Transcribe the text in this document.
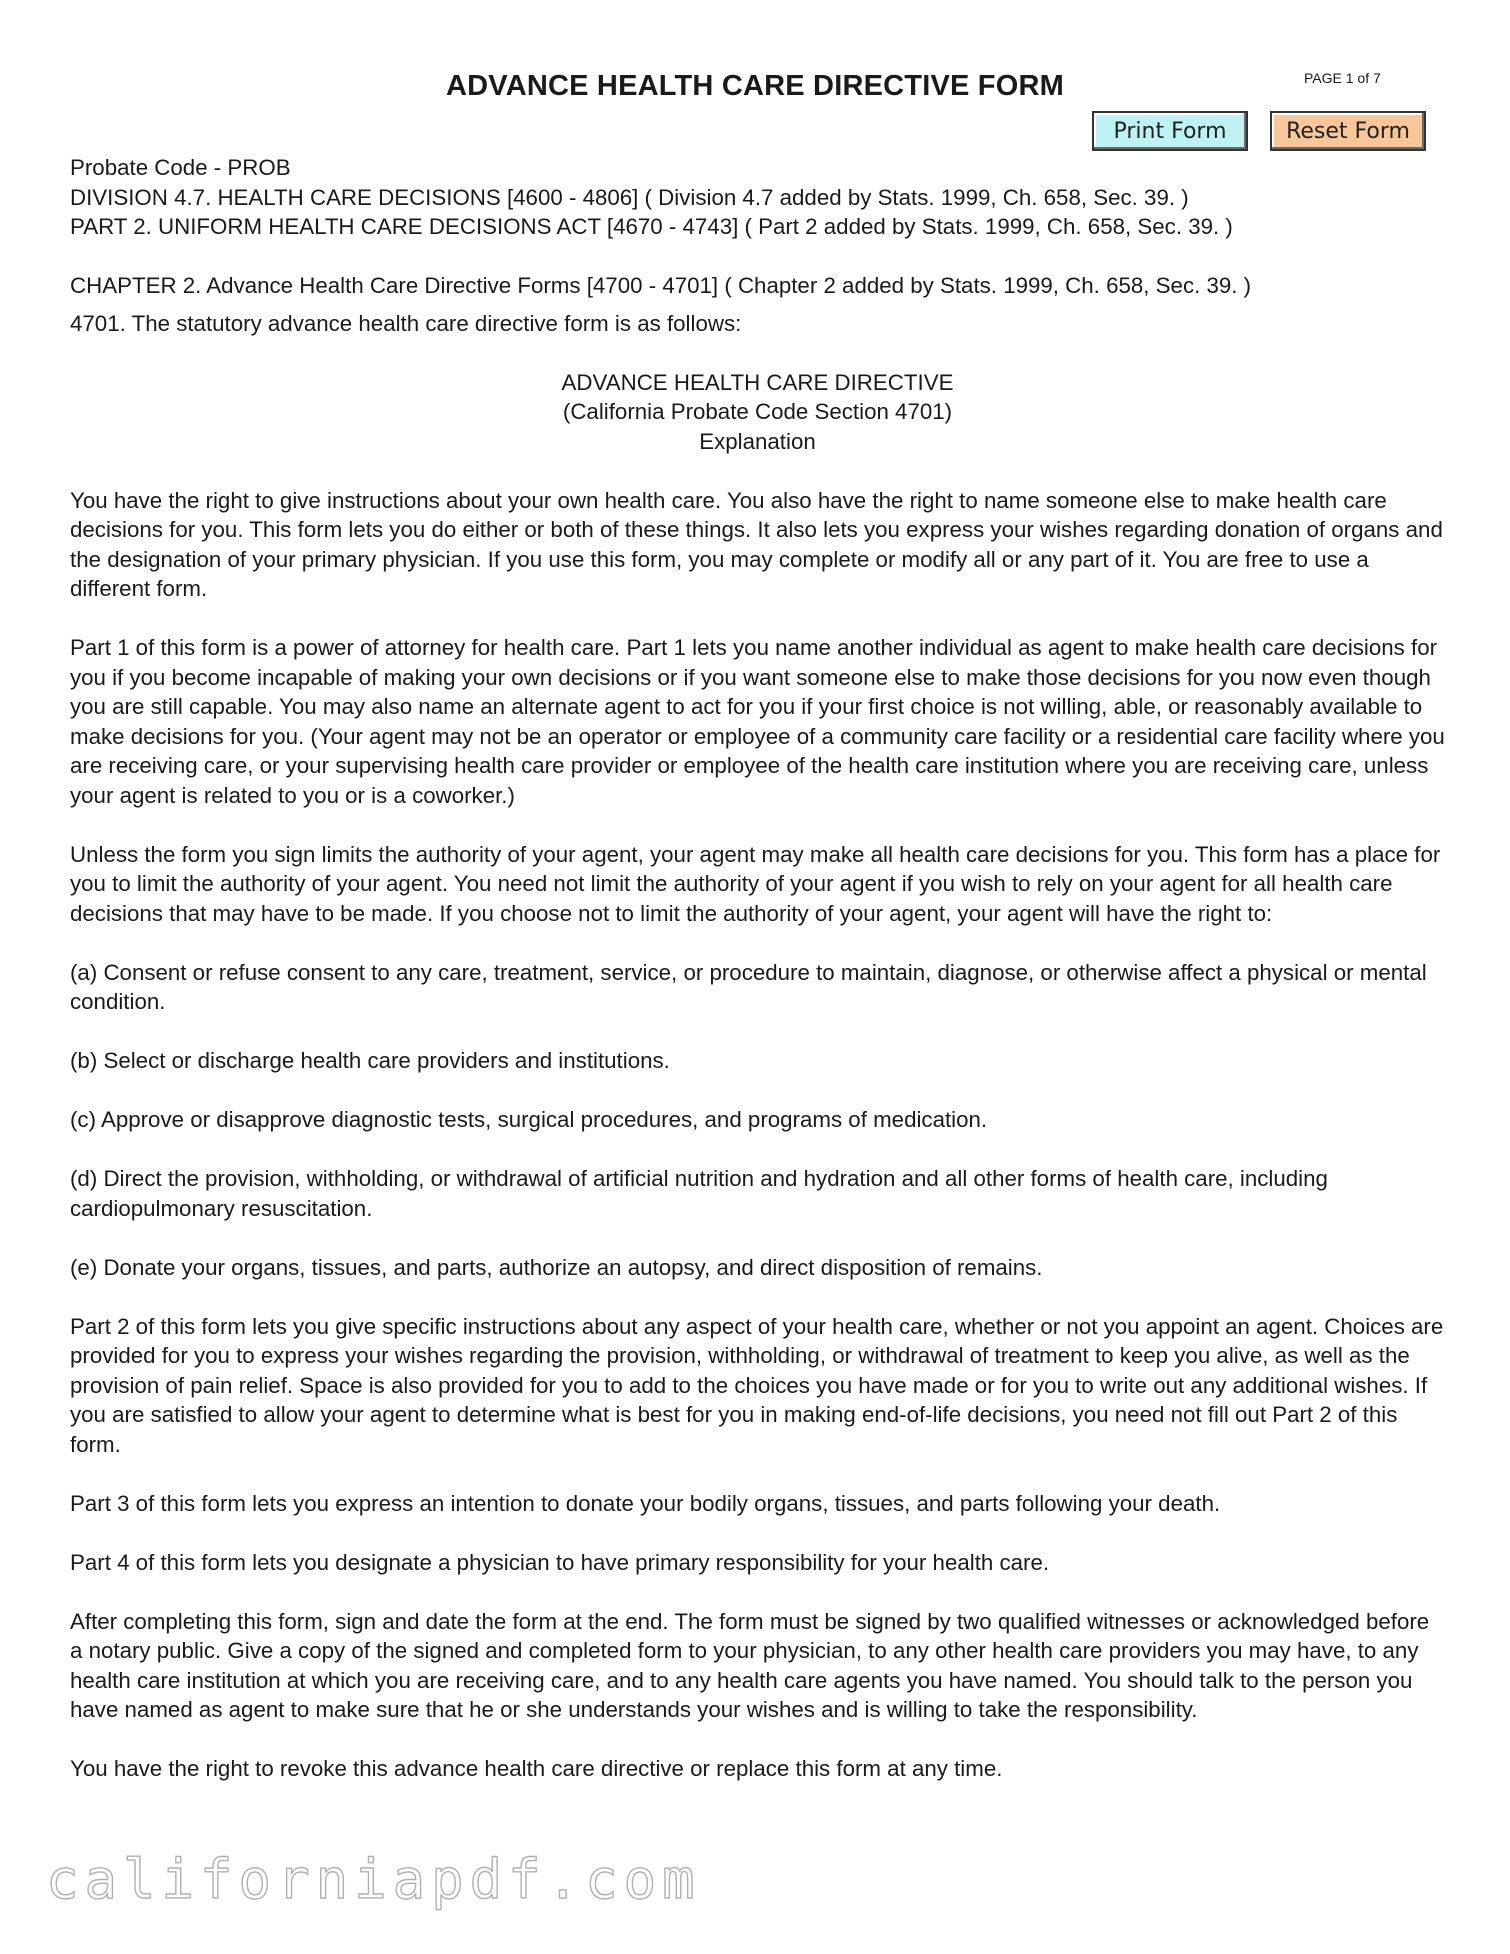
ADVANCE HEALTH CARE DIRECTIVE FORM	PAGE 1 of 7
Print Form	Reset Form

Probate Code - PROB

DIVISION 4.7. HEALTH CARE DECISIONS [4600 - 4806] ( Division 4.7 added by Stats. 1999, Ch. 658, Sec. 39. )

PART 2. UNIFORM HEALTH CARE DECISIONS ACT [4670 - 4743] ( Part 2 added by Stats. 1999, Ch. 658, Sec. 39. )

CHAPTER 2. Advance Health Care Directive Forms [4700 - 4701] ( Chapter 2 added by Stats. 1999, Ch. 658, Sec. 39. )

4701. The statutory advance health care directive form is as follows:

ADVANCE HEALTH CARE DIRECTIVE

(California Probate Code Section 4701)

Explanation

You have the right to give instructions about your own health care. You also have the right to name someone else to make health care decisions for you. This form lets you do either or both of these things. It also lets you express your wishes regarding donation of organs and the designation of your primary physician. If you use this form, you may complete or modify all or any part of it. You are free to use a different form.

Part 1 of this form is a power of attorney for health care. Part 1 lets you name another individual as agent to make health care decisions for you if you become incapable of making your own decisions or if you want someone else to make those decisions for you now even though you are still capable. You may also name an alternate agent to act for you if your first choice is not willing, able, or reasonably available to make decisions for you. (Your agent may not be an operator or employee of a community care facility or a residential care facility where you are receiving care, or your supervising health care provider or employee of the health care institution where you are receiving care, unless your agent is related to you or is a coworker.)

Unless the form you sign limits the authority of your agent, your agent may make all health care decisions for you. This form has a place for you to limit the authority of your agent. You need not limit the authority of your agent if you wish to rely on your agent for all health care decisions that may have to be made. If you choose not to limit the authority of your agent, your agent will have the right to:

(a) Consent or refuse consent to any care, treatment, service, or procedure to maintain, diagnose, or otherwise affect a physical or mental condition.

(b) Select or discharge health care providers and institutions.

(c) Approve or disapprove diagnostic tests, surgical procedures, and programs of medication.

(d) Direct the provision, withholding, or withdrawal of artificial nutrition and hydration and all other forms of health care, including cardiopulmonary resuscitation.

(e) Donate your organs, tissues, and parts, authorize an autopsy, and direct disposition of remains.

Part 2 of this form lets you give specific instructions about any aspect of your health care, whether or not you appoint an agent. Choices are provided for you to express your wishes regarding the provision, withholding, or withdrawal of treatment to keep you alive, as well as the provision of pain relief. Space is also provided for you to add to the choices you have made or for you to write out any additional wishes. If you are satisfied to allow your agent to determine what is best for you in making end-of-life decisions, you need not fill out Part 2 of this form.

Part 3 of this form lets you express an intention to donate your bodily organs, tissues, and parts following your death.

Part 4 of this form lets you designate a physician to have primary responsibility for your health care.

After completing this form, sign and date the form at the end. The form must be signed by two qualified witnesses or acknowledged before a notary public. Give a copy of the signed and completed form to your physician, to any other health care providers you may have, to any health care institution at which you are receiving care, and to any health care agents you have named. You should talk to the person you have named as agent to make sure that he or she understands your wishes and is willing to take the responsibility.

You have the right to revoke this advance health care directive or replace this form at any time.

californiapdf.com
